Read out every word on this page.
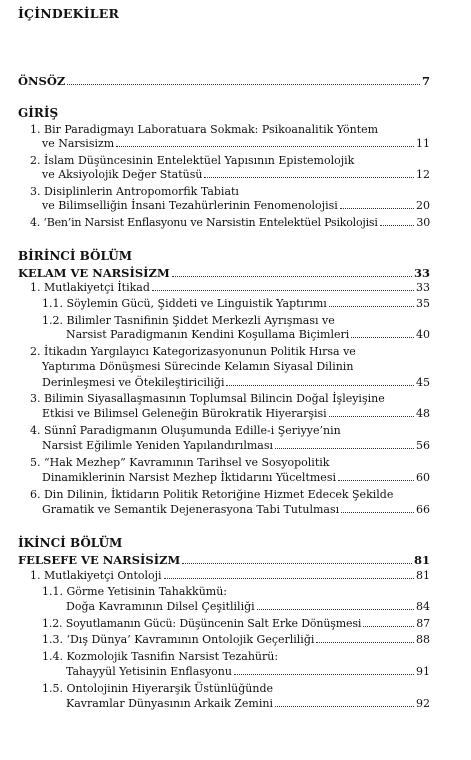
İÇİNDEKİLER
ÖNSÖZ	7
GİRİŞ
1. Bir Paradigmayı Laboratuara Sokmak: Psikoanalitik Yöntem
ve Narsisizm	11
2. İslam Düşüncesinin Entelektüel Yapısının Epistemolojik
ve Aksiyolojik Değer Statüsü	12
3. Disiplinlerin Antropomorfik Tabiatı
ve Bilimselliğin İnsani Tezahürlerinin Fenomenolojisi	20
4. ‘Ben’in Narsist Enflasyonu ve Narsistin Entelektüel Psikolojisi	30
BİRİNCİ BÖLÜM
KELAM VE NARSİSİZM	33
1. Mutlakiyetçi İtikad	33
1.1. Söylemin Gücü, Şiddeti ve Linguistik Yaptırımı	35
1.2. Bilimler Tasnifinin Şiddet Merkezli Ayrışması ve
Narsist Paradigmanın Kendini Koşullama Biçimleri	40
2. İtikadın Yargılayıcı Kategorizasyonunun Politik Hırsa ve
Yaptırıma Dönüşmesi Sürecinde Kelamın Siyasal Dilinin
Derinleşmesi ve Ötekileştiriciliği	45
3. Bilimin Siyasallaşmasının Toplumsal Bilincin Doğal İşleyişine
Etkisi ve Bilimsel Geleneğin Bürokratik Hiyerarşisi	48
4. Sünnî Paradigmanın Oluşumunda Edille-i Şeriyye’nin
Narsist Eğilimle Yeniden Yapılandırılması	56
5. “Hak Mezhep” Kavramının Tarihsel ve Sosyopolitik
Dinamiklerinin Narsist Mezhep İktidarını Yüceltmesi	60
6. Din Dilinin, İktidarın Politik Retoriğine Hizmet Edecek Şekilde
Gramatik ve Semantik Dejenerasyona Tabi Tutulması	66
İKİNCİ BÖLÜM
FELSEFE VE NARSİSİZM	81
1. Mutlakiyetçi Ontoloji	81
1.1. Görme Yetisinin Tahakkümü:
Doğa Kavramının Dilsel Çeşitliliği	84
1.2. Soyutlamanın Gücü: Düşüncenin Salt Erke Dönüşmesi	87
1.3. ‘Dış Dünya’ Kavramının Ontolojik Geçerliliği	88
1.4. Kozmolojik Tasnifin Narsist Tezahürü:
Tahayyül Yetisinin Enflasyonu	91
1.5. Ontolojinin Hiyerarşik Üstünlüğünde
Kavramlar Dünyasının Arkaik Zemini	92
